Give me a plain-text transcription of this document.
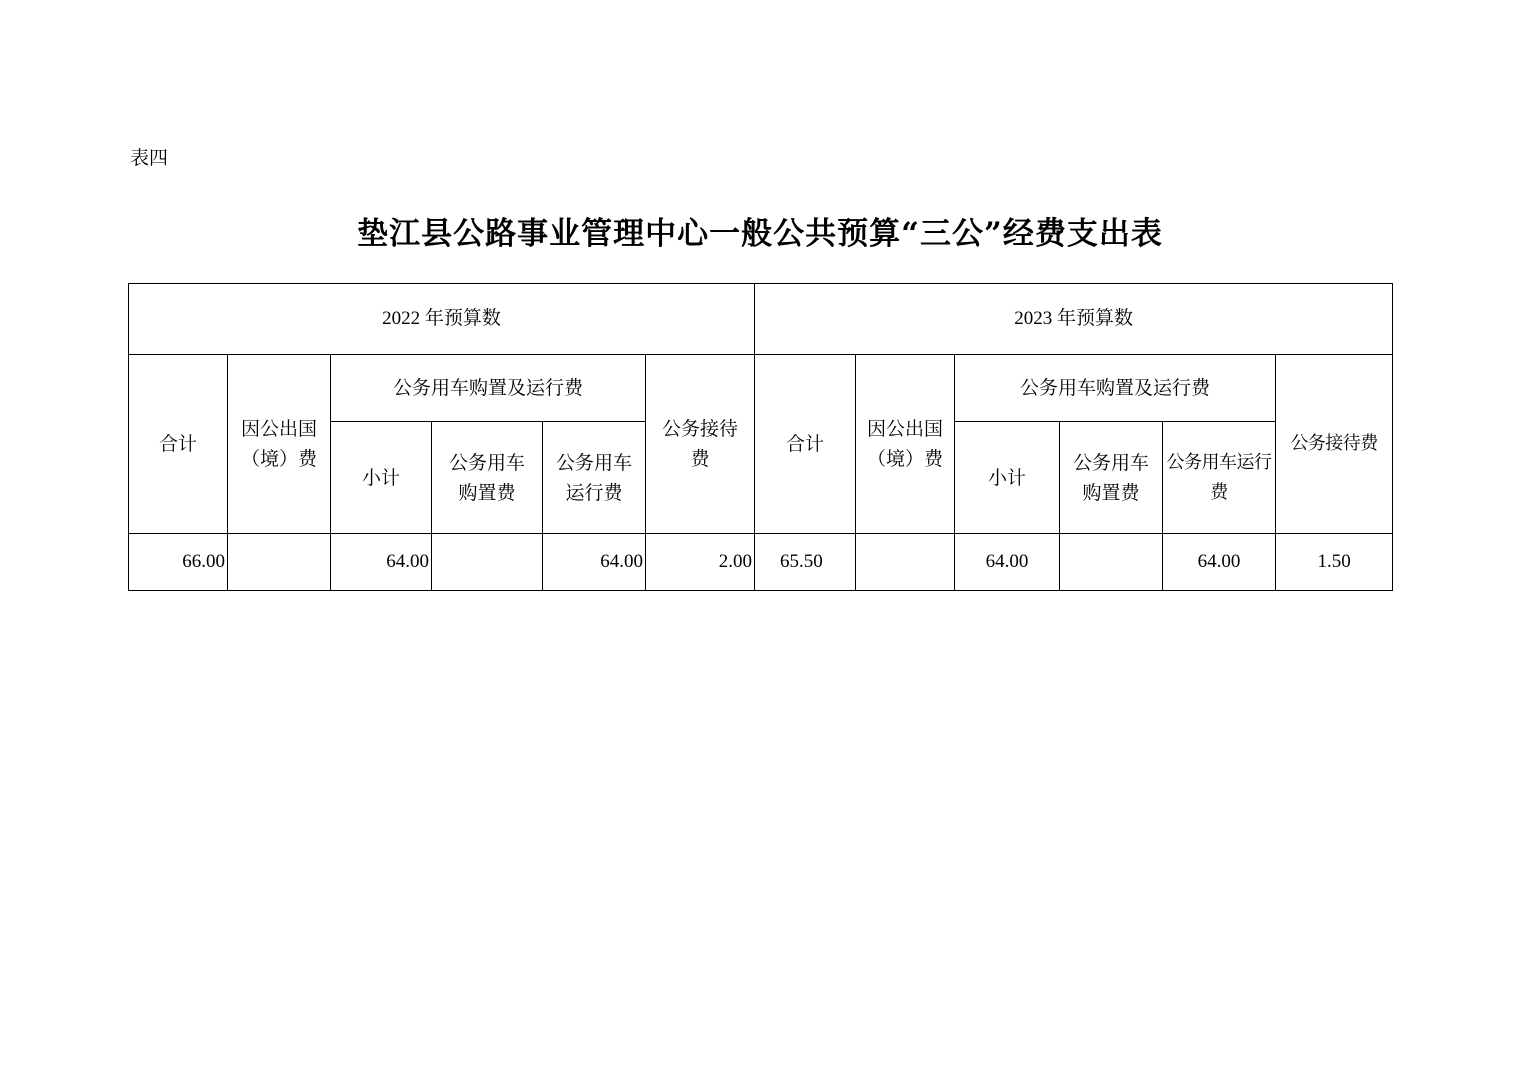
表四
垫江县公路事业管理中心一般公共预算“三公”经费支出表
2022 年预算数						2023 年预算数					
合计	因公出国（境）费	公务用车购置及运行费			公务接待费	合计	因公出国（境）费	公务用车购置及运行费			公务接待费
		小计	公务用车购置费	公务用车运行费				小计	公务用车购置费	公务用车运行费	
66.00		64.00		64.00	2.00	65.50		64.00		64.00	1.50
